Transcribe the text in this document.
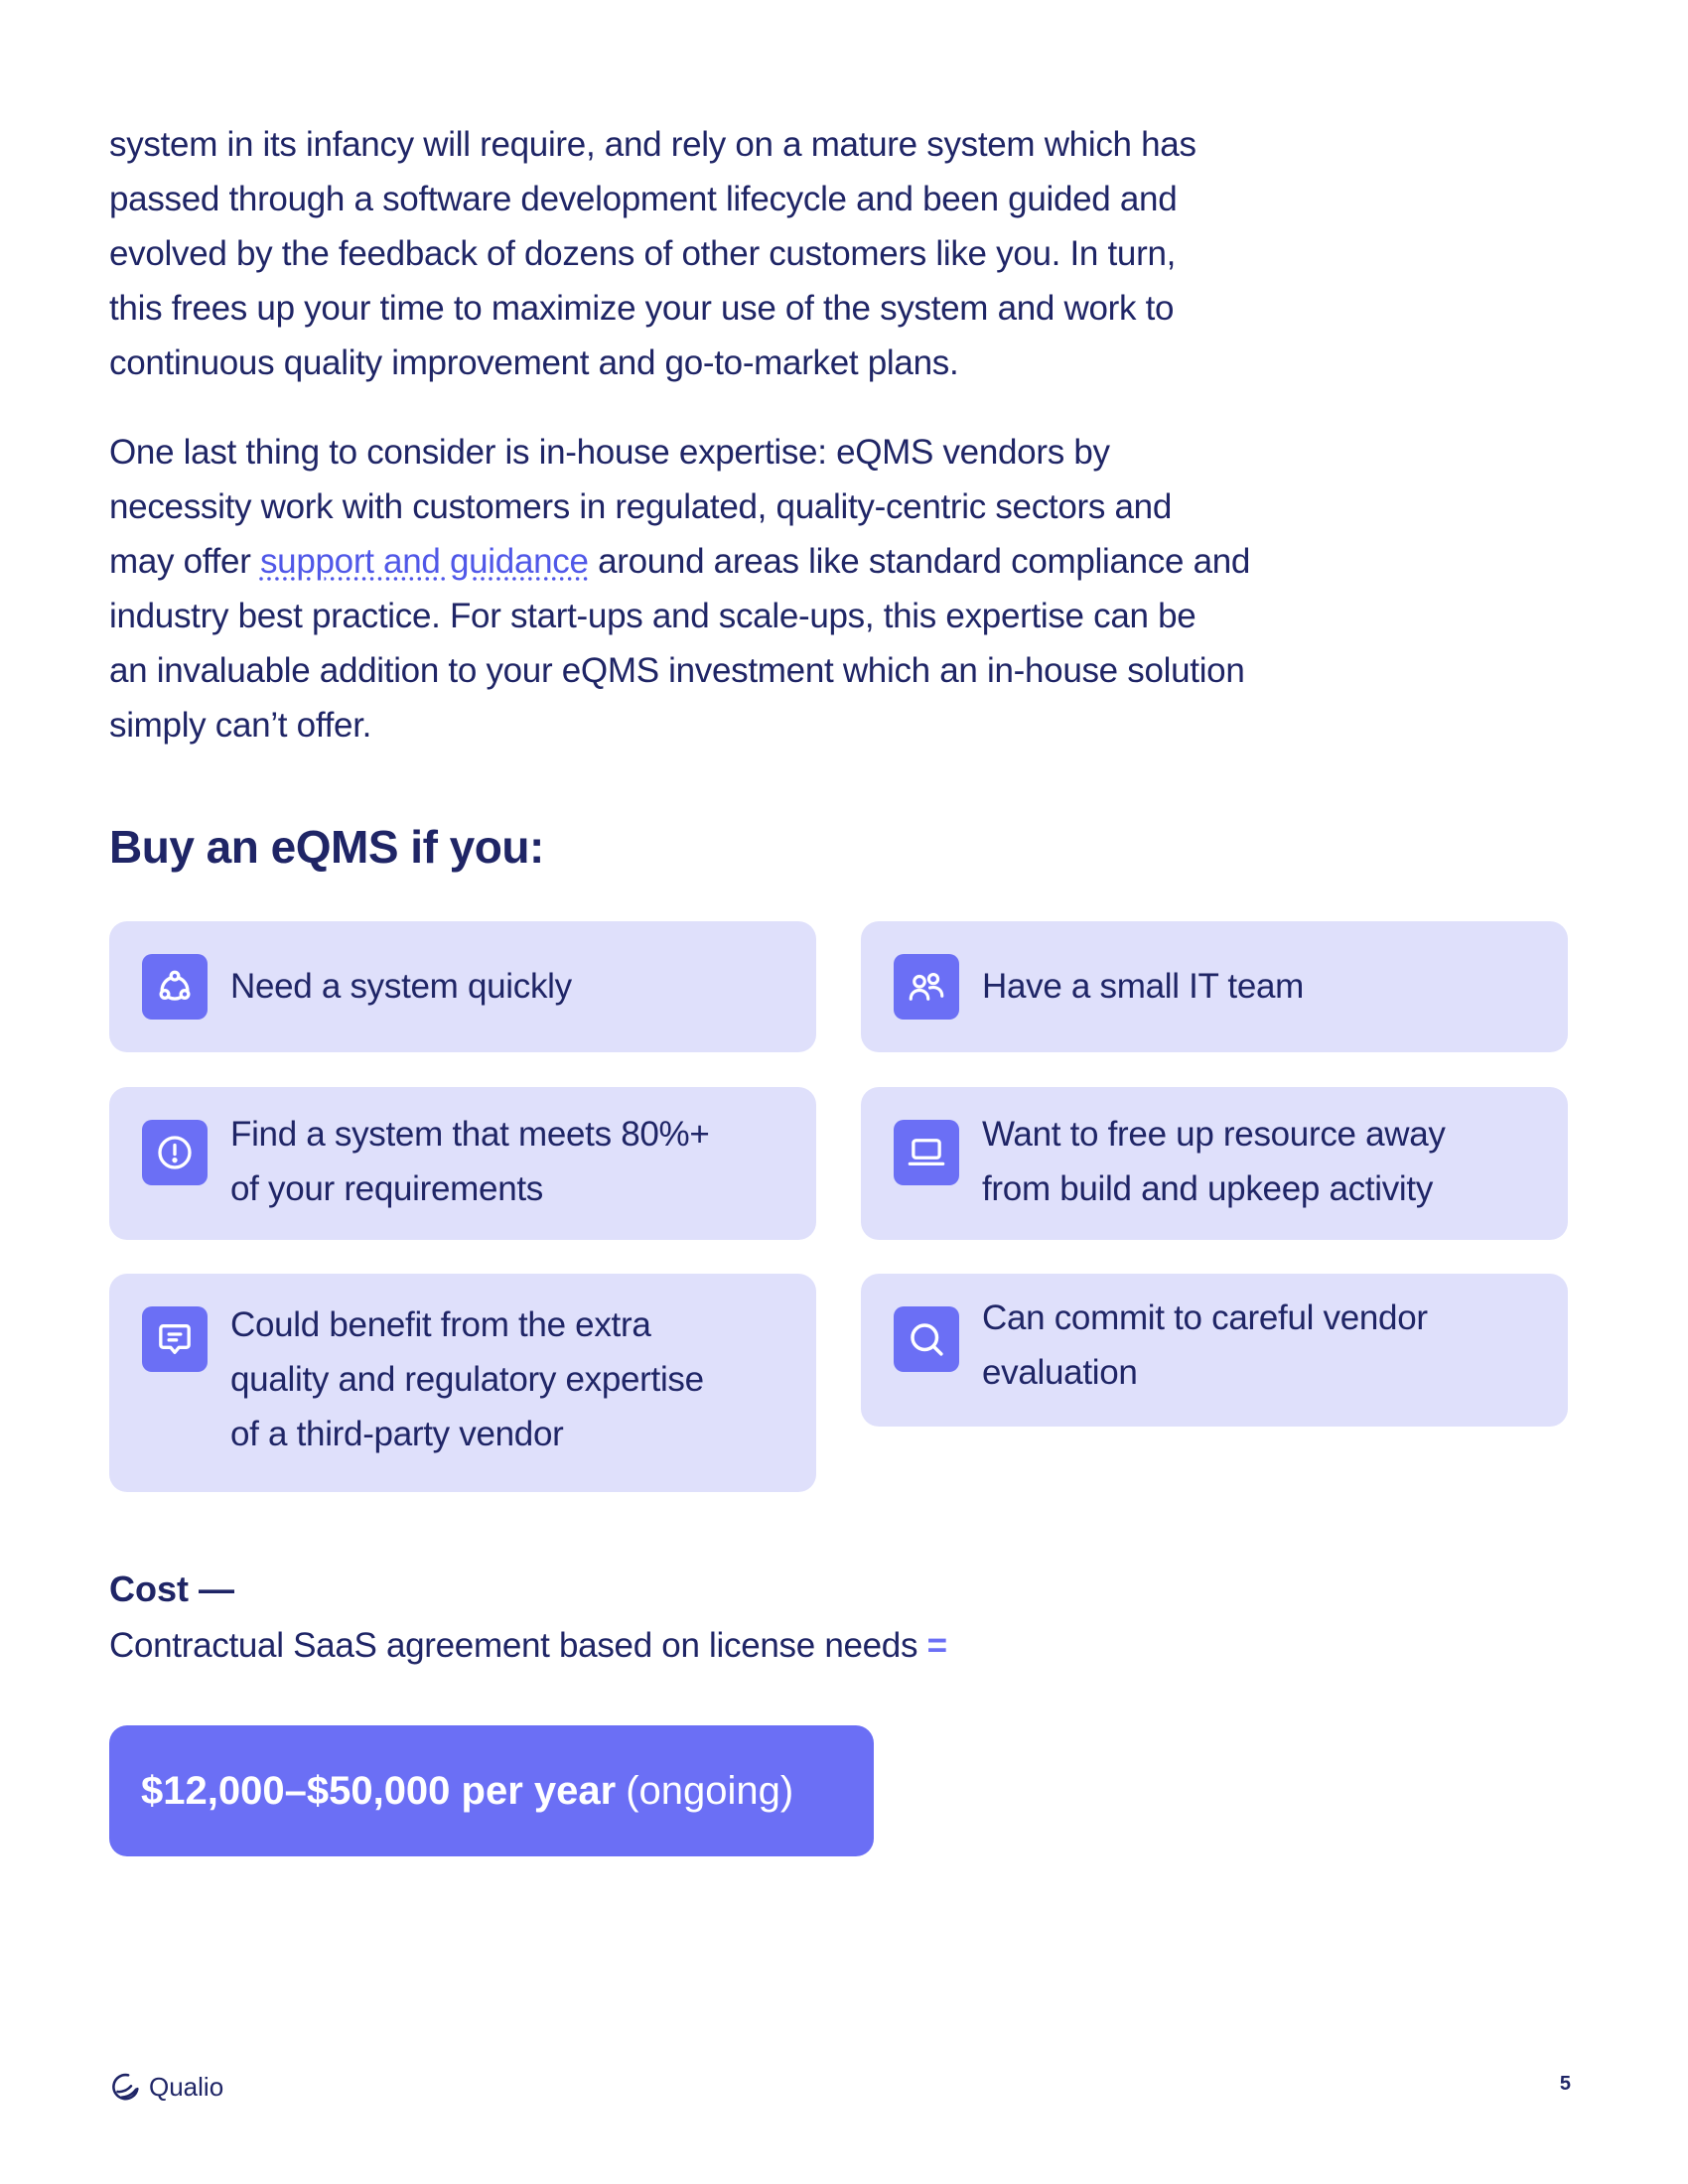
system in its infancy will require, and rely on a mature system which has
passed through a software development lifecycle and been guided and
evolved by the feedback of dozens of other customers like you. In turn,
this frees up your time to maximize your use of the system and work to
continuous quality improvement and go-to-market plans.
One last thing to consider is in-house expertise: eQMS vendors by
necessity work with customers in regulated, quality-centric sectors and
may offer support and guidance around areas like standard compliance and
industry best practice. For start-ups and scale-ups, this expertise can be
an invaluable addition to your eQMS investment which an in-house solution
simply can’t offer.
Buy an eQMS if you:
Need a system quickly	Have a small IT team
Find a system that meets 80%+
of your requirements
Want to free up resource away
from build and upkeep activity
Could benefit from the extra
quality and regulatory expertise
of a third-party vendor
Can commit to careful vendor
evaluation
Cost —
Contractual SaaS agreement based on license needs =
$12,000–$50,000 per year (ongoing)
Qualio	5
